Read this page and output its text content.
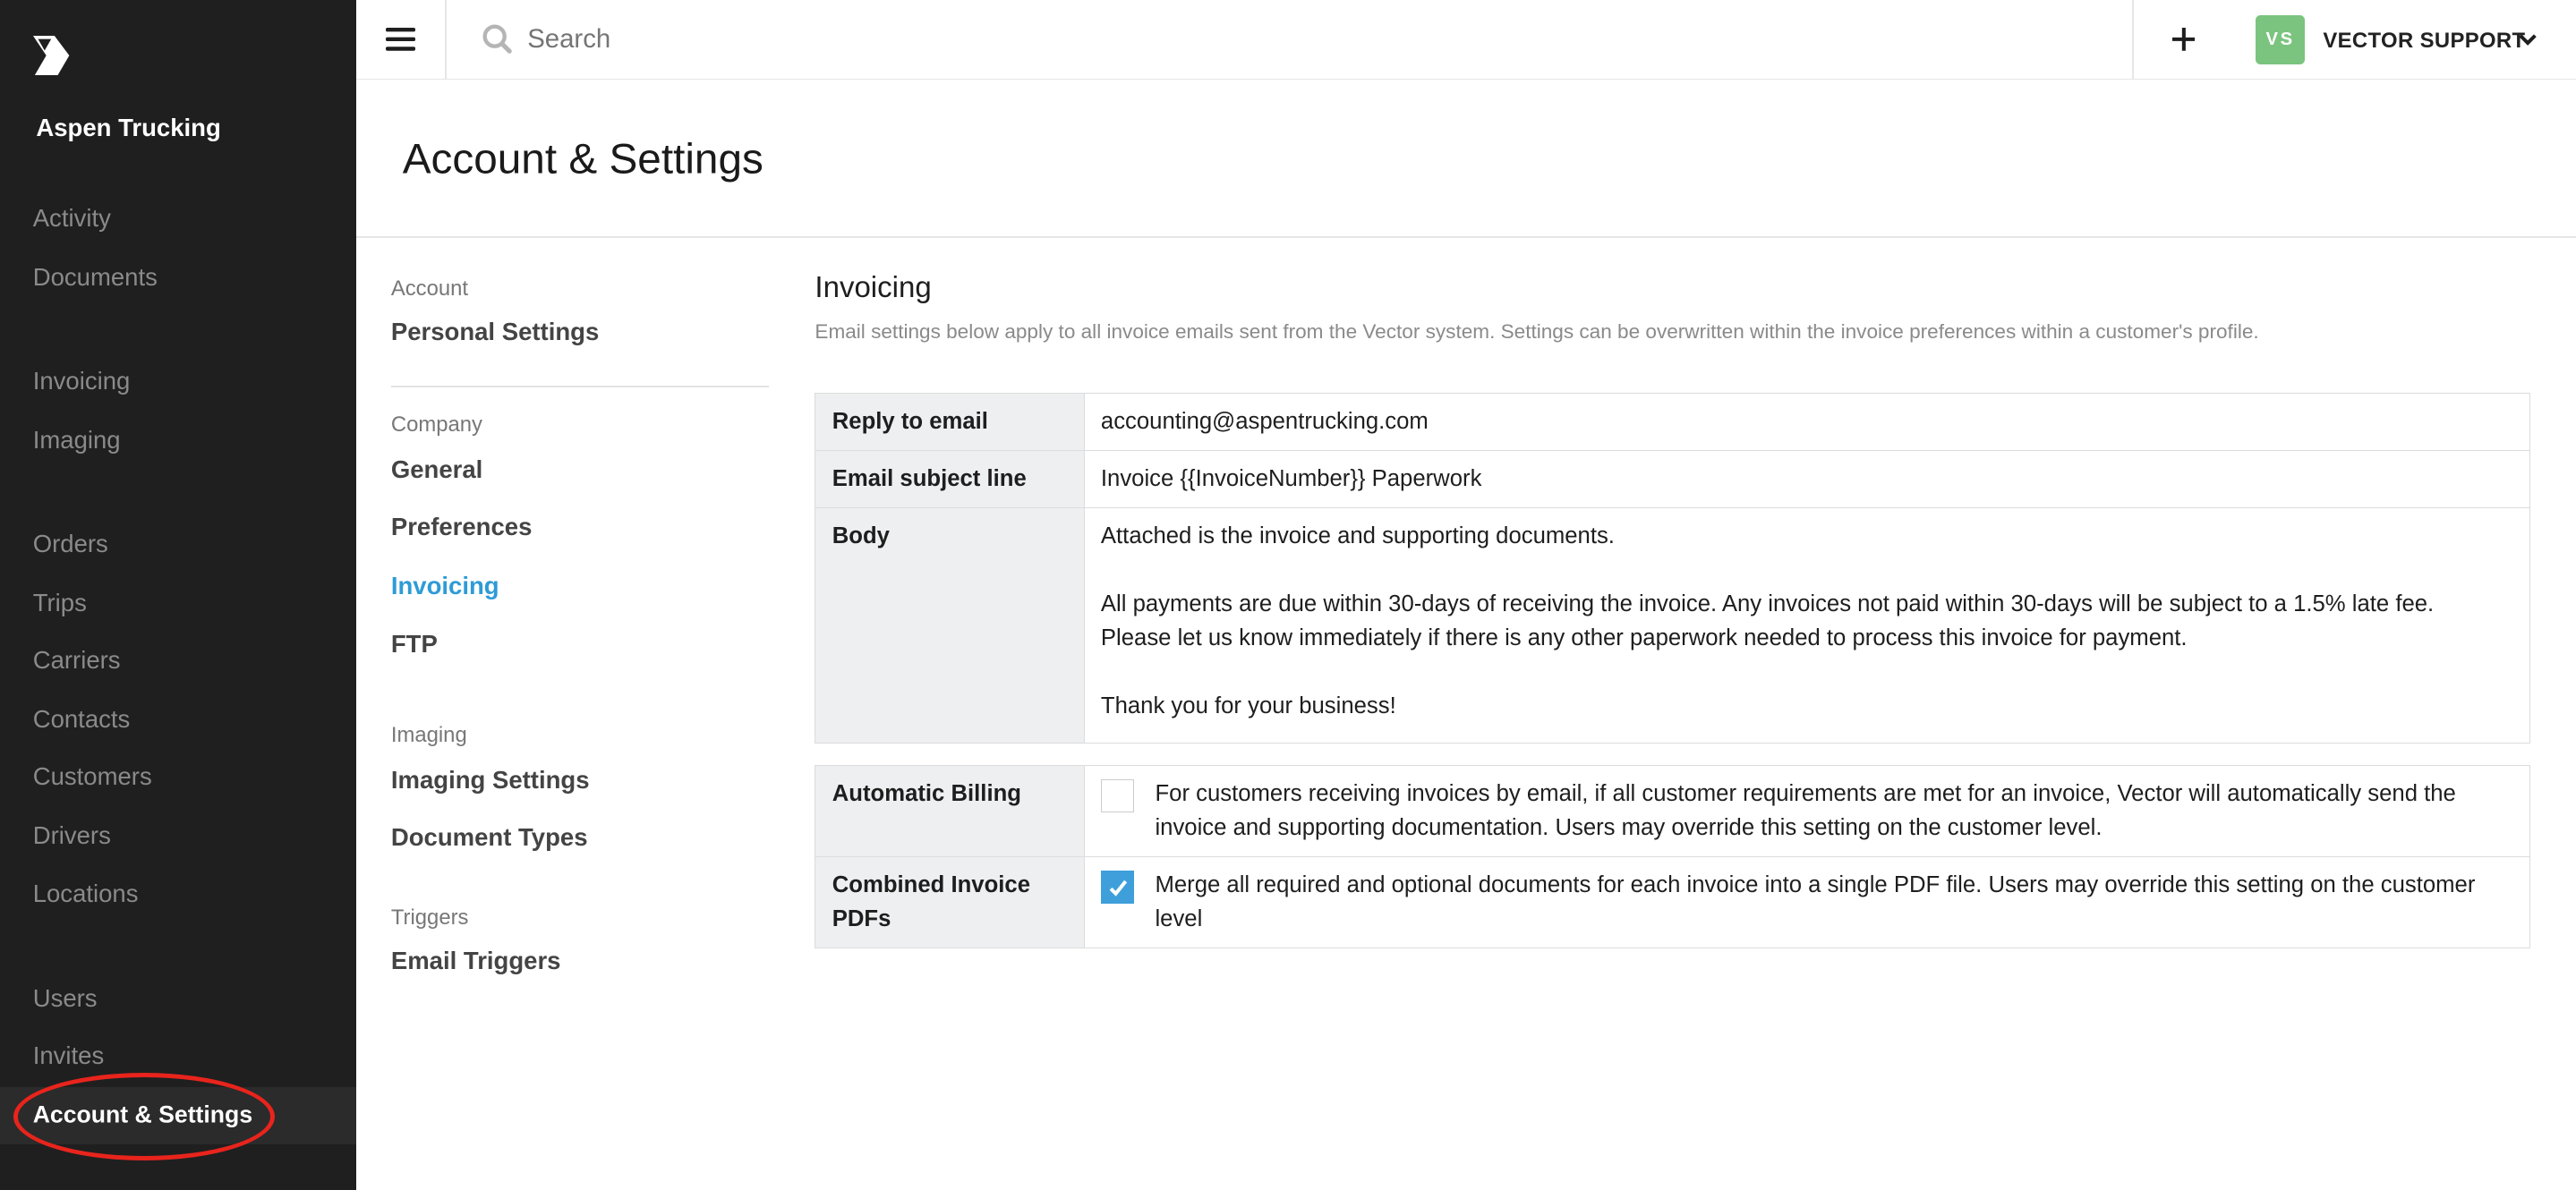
Aspen Trucking
Activity
Documents
Invoicing
Imaging
Orders
Trips
Carriers
Contacts
Customers
Drivers
Locations
Users
Invites
Account & Settings
Search
VS	VECTOR SUPPORT
Account & Settings
Account
Personal Settings
Company
General
Preferences
Invoicing
FTP
Imaging
Imaging Settings
Document Types
Triggers
Email Triggers
Invoicing
Email settings below apply to all invoice emails sent from the Vector system. Settings can be overwritten within the invoice preferences within a customer's profile.
Reply to email	accounting@aspentrucking.com
Email subject line	Invoice {{InvoiceNumber}} Paperwork
Body	Attached is the invoice and supporting documents.
All payments are due within 30-days of receiving the invoice. Any invoices not paid within 30-days will be subject to a 1.5% late fee. Please let us know immediately if there is any other paperwork needed to process this invoice for payment.
Thank you for your business!
Automatic Billing	For customers receiving invoices by email, if all customer requirements are met for an invoice, Vector will automatically send the invoice and supporting documentation. Users may override this setting on the customer level.

Combined Invoice PDFs	Merge all required and optional documents for each invoice into a single PDF file. Users may override this setting on the customer level
